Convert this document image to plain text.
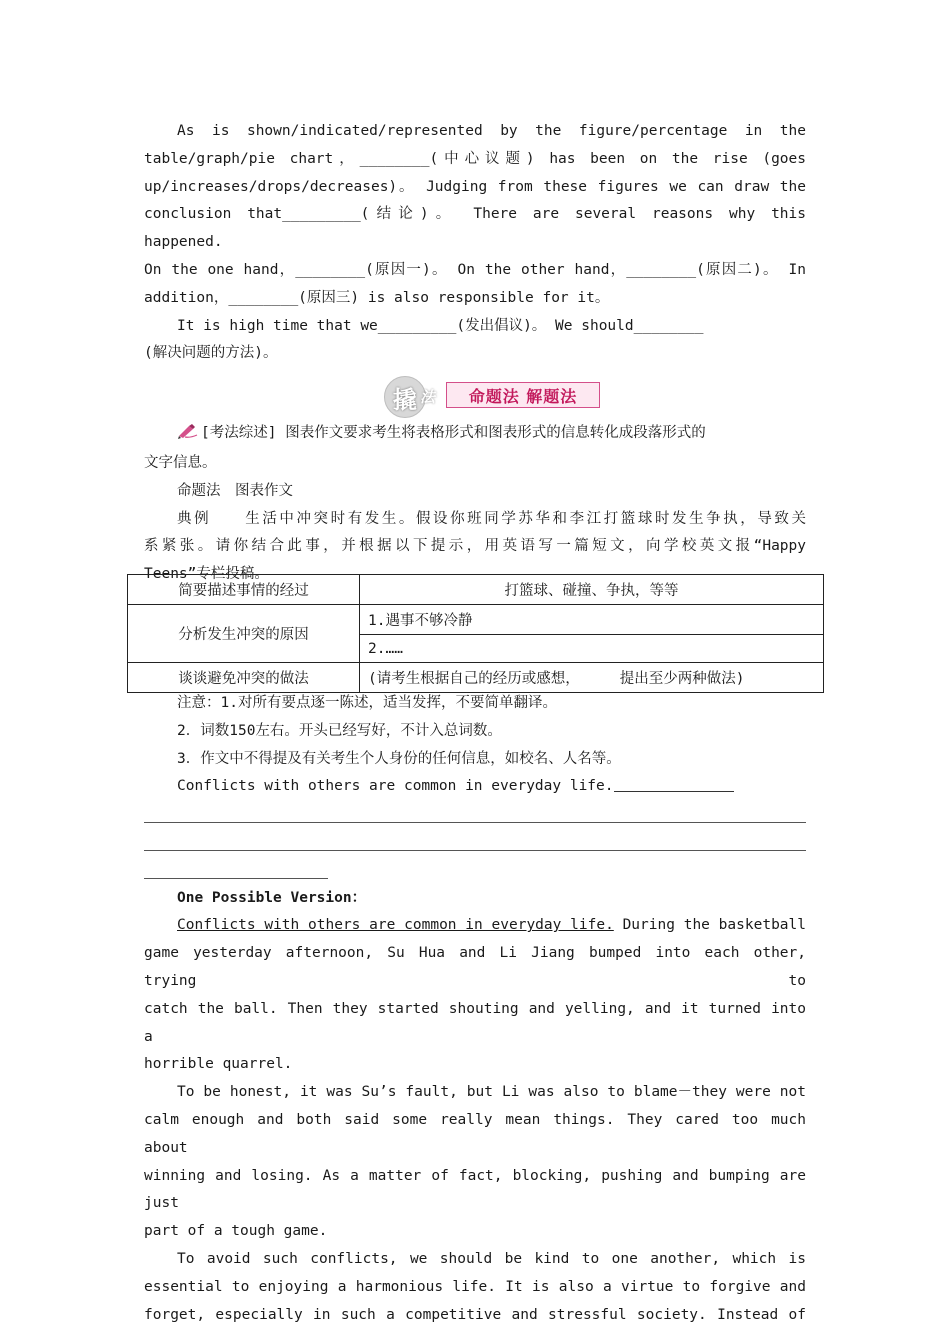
As is shown/indicated/represented by the figure/percentage in the

table/graph/pie chart，________(中心议题) has been on the rise (goes

up/increases/drops/decreases)。 Judging from these figures we can draw the

conclusion that_________(结论)。 There are several reasons why this happened.

On the one hand，________(原因一)。 On the other hand，________(原因二)。 In

addition，________(原因三) is also responsible for it。

It is high time that we_________(发出倡议)。 We should________

(解决问题的方法)。

撬 法	命题法 解题法

[考法综述] 图表作文要求考生将表格形式和图表形式的信息转化成段落形式的

文字信息。

命题法　图表作文

典例　　生活中冲突时有发生。假设你班同学苏华和李江打篮球时发生争执，导致关

系紧张。请你结合此事，并根据以下提示，用英语写一篇短文，向学校英文报“Happy

Teens”专栏投稿。

简要描述事情的经过	打篮球、碰撞、争执，等等
分析发生冲突的原因	1.遇事不够冷静
	2.……
谈谈避免冲突的做法	(请考生根据自己的经历或感想， 提出至少两种做法)

注意：1.对所有要点逐一陈述，适当发挥，不要简单翻译。

2．词数150左右。开头已经写好，不计入总词数。

3．作文中不得提及有关考生个人身份的任何信息，如校名、人名等。

Conflicts with others are common in everyday life.

One Possible Version：

Conflicts with others are common in everyday life. During the basketball

game yesterday afternoon, Su Hua and Li Jiang bumped into each other, trying to

catch the ball. Then they started shouting and yelling, and it turned into a

horrible quarrel.

To be honest, it was Su’s fault, but Li was also to blame－they were not

calm enough and both said some really mean things. They cared too much about

winning and losing. As a matter of fact, blocking, pushing and bumping are just

part of a tough game.

To avoid such conflicts, we should be kind to one another, which is

essential to enjoying a harmonious life. It is also a virtue to forgive and

forget, especially in such a competitive and stressful society. Instead of
